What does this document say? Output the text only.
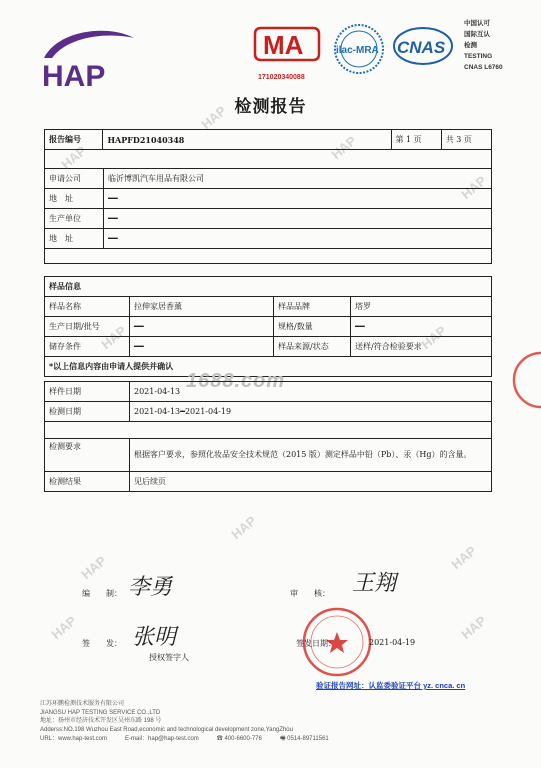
HAP
HAP
HAP
HAP
HAP	HAP
HAP
HAP
HAP
HAP	HAP
HAP
MA
171020340088
ilac-MRA CNAS
中国认可
国际互认
检测
TESTING
CNAS L6760
检测报告
报告编号	HAPFD21040348	第 1 页	共 3 页

申请公司	临沂博凯汽车用品有限公司
地　址	━━
生产单位	━━
地　址	━━

样品信息			
样品名称	拉伸家居香薰	样品品牌	塔罗
生产日期/批号	━━	规格/数量	━━
储存条件	━━	样品来源/状态	送样/符合检验要求
*以上信息内容由申请人提供并确认			
1688.com
样件日期	2021-04-13
检测日期	2021-04-13━2021-04-19

检测要求	根据客户要求，参照化妆品安全技术规范（2015 版）测定样品中铅（Pb）、汞（Hg）的含量。
检测结果	见后续页
编　　制： 李勇	审　　核： 王翔
签　　发： 张明
授权签字人
签发日期：	2021-04-19
验证报告网址：认监委验证平台 yz. cnca. cn
江苏环鹏检测技术服务有限公司
JIANGSU HAP TESTING SERVICE CO.,LTD
地址：扬州市经济技术开发区吴州东路 198 号
Adderss:NO.198 Wuzhou East Road,economic and technological development zone,YangZhou
URL：www.hap-test.com　　　E-mail：hap@hap-test.com　　　☎ 400-6600-776　　　🖷 0514-89711561
